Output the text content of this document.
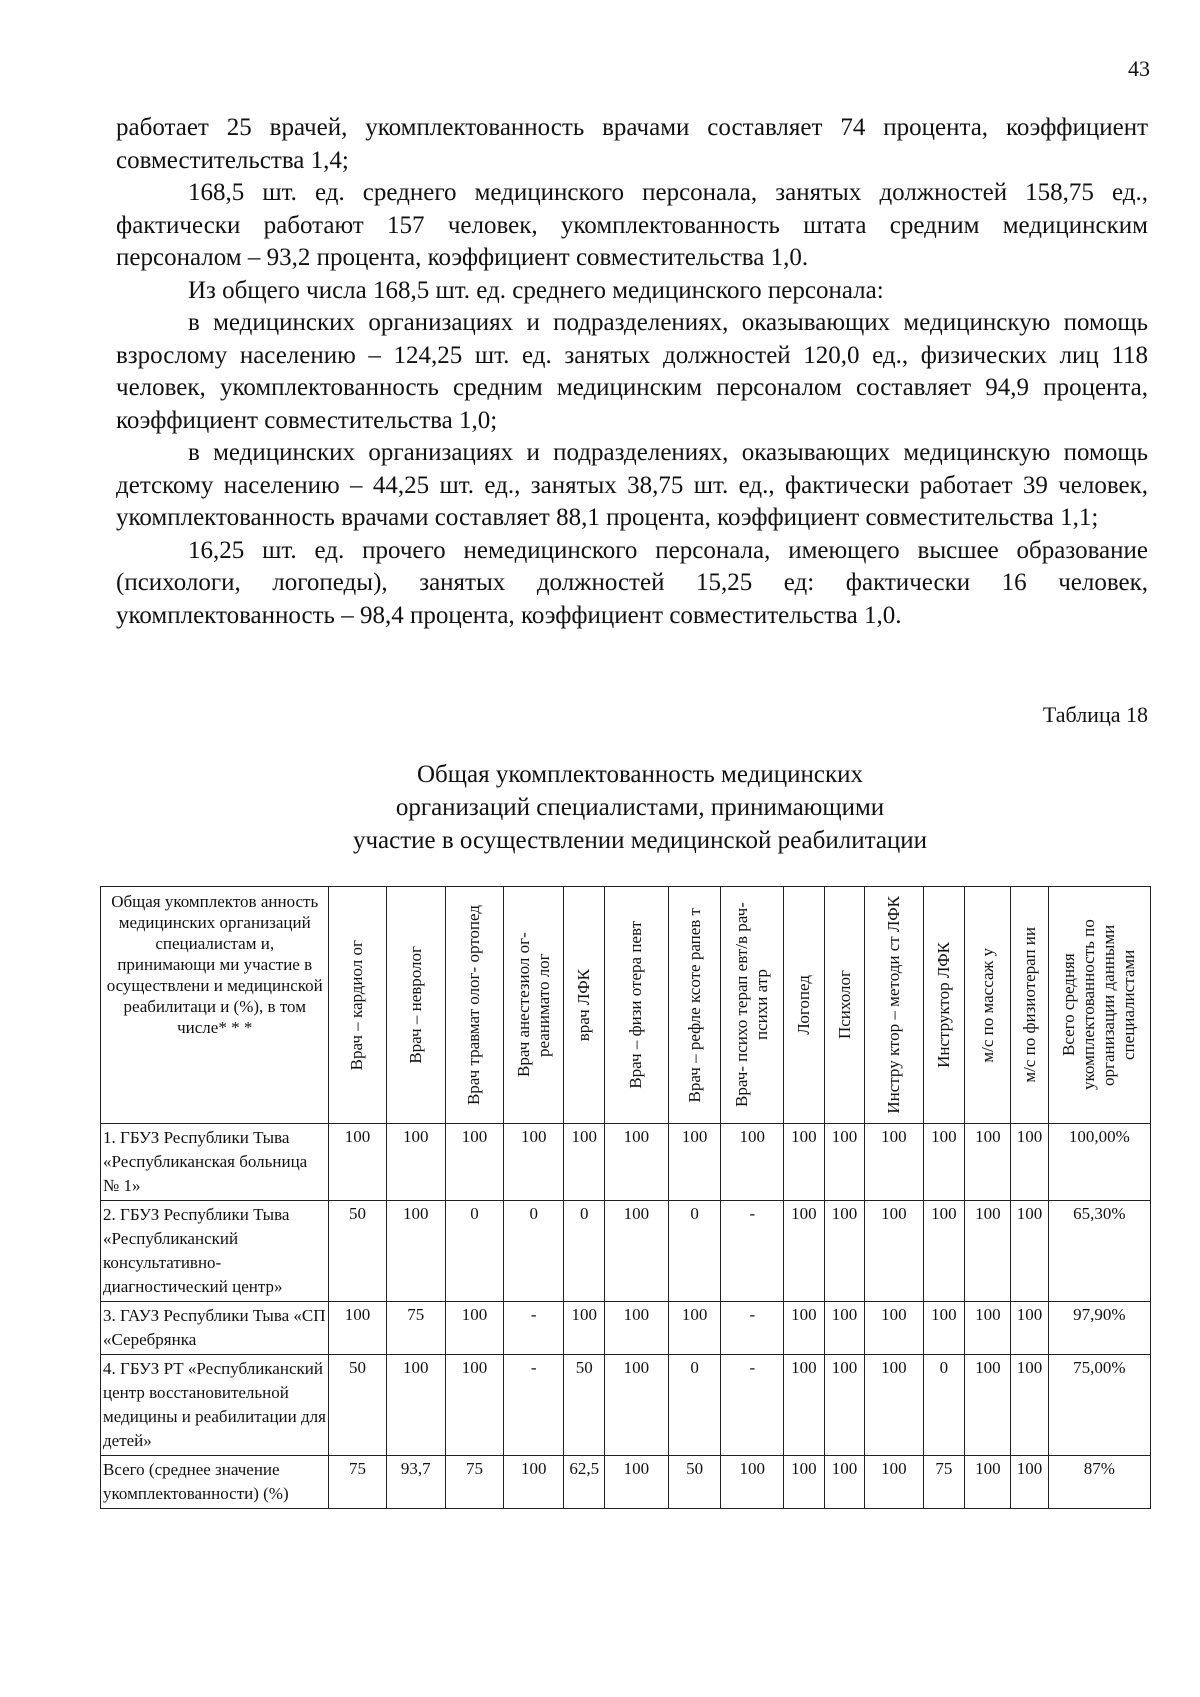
43

работает 25 врачей, укомплектованность врачами составляет 74 процента, коэффициент совместительства 1,4;

168,5 шт. ед. среднего медицинского персонала, занятых должностей 158,75 ед., фактически работают 157 человек, укомплектованность штата средним медицинским персоналом – 93,2 процента, коэффициент совместительства 1,0.

Из общего числа 168,5 шт. ед. среднего медицинского персонала:

в медицинских организациях и подразделениях, оказывающих медицинскую помощь взрослому населению – 124,25 шт. ед. занятых должностей 120,0 ед., физических лиц 118 человек, укомплектованность средним медицинским персоналом составляет 94,9 процента, коэффициент совместительства 1,0;

в медицинских организациях и подразделениях, оказывающих медицинскую помощь детскому населению – 44,25 шт. ед., занятых 38,75 шт. ед., фактически работает 39 человек, укомплектованность врачами составляет 88,1 процента, коэффициент совместительства 1,1;

16,25 шт. ед. прочего немедицинского персонала, имеющего высшее образование (психологи, логопеды), занятых должностей 15,25 ед: фактически 16 человек, укомплектованность – 98,4 процента, коэффициент совместительства 1,0.

Таблица 18
Общая укомплектованность медицинских
организаций специалистами, принимающими
участие в осуществлении медицинской реабилитации
Общая укомплектов анность медицинских организаций специалистам и, принимающи ми участие в осуществлени и медицинской реабилитаци и (%), в том числе* * *	Врач – кардиол ог	Врач – невролог	Врач травмат олог- ортопед	Врач анестезиол ог-реанимато лог	врач ЛФК	Врач – физи отера певт	Врач – рефле ксоте рапев т	Врач- психо терап евт/в рач- психи атр	Логопед	Психолог	Инстру ктор – методи ст ЛФК	Инструктор ЛФК	м/с по массаж у	м/с по физиотерап ии	Всего средняя укомплектованность по организации данными специалистами

1. ГБУЗ Республики Тыва «Республиканская больница № 1»	100	100	100	100	100	100	100	100	100	100	100	100	100	100	100,00%
2. ГБУЗ Республики Тыва «Республиканский консультативно-диагностический центр»	50	100	0	0	0	100	0	-	100	100	100	100	100	100	65,30%
3. ГАУЗ Республики Тыва «СП «Серебрянка	100	75	100	-	100	100	100	-	100	100	100	100	100	100	97,90%
4. ГБУЗ РТ «Республиканский центр восстановительной медицины и реабилитации для детей»	50	100	100	-	50	100	0	-	100	100	100	0	100	100	75,00%
Всего (среднее значение укомплектованности) (%)	75	93,7	75	100	62,5	100	50	100	100	100	100	75	100	100	87%
